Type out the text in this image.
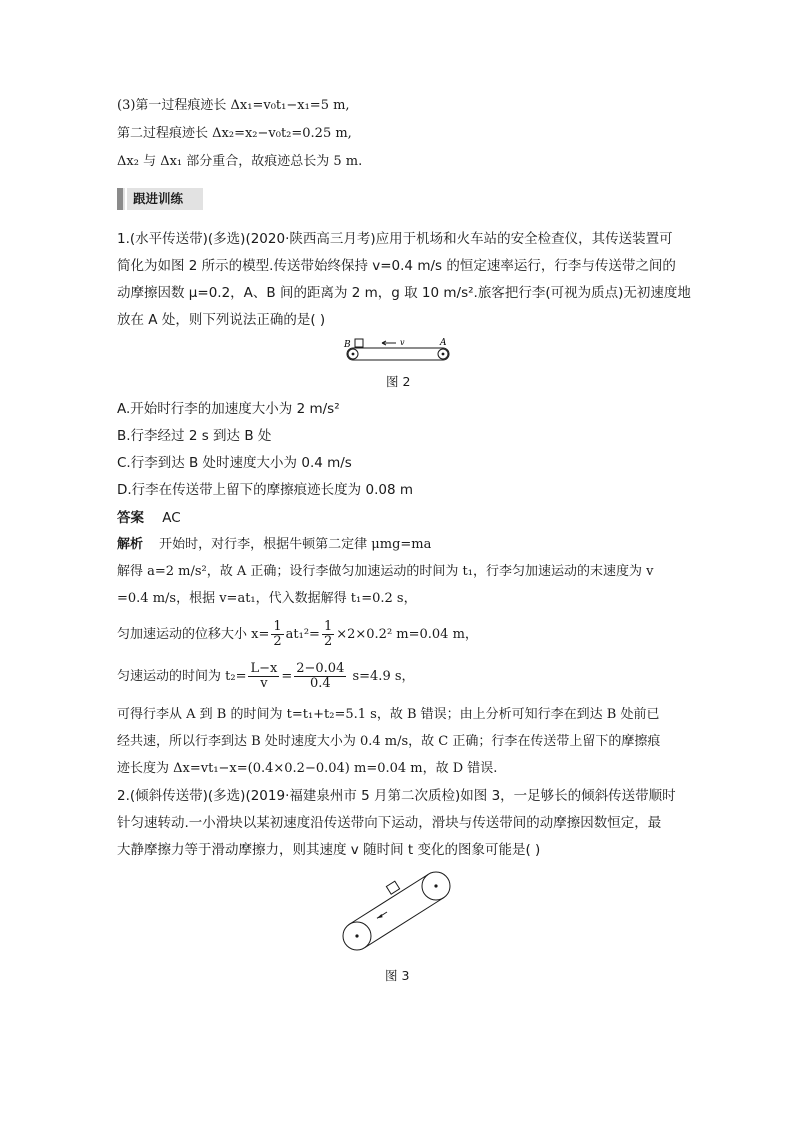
(3)第一过程痕迹长 Δx₁=v₀t₁−x₁=5 m,
第二过程痕迹长 Δx₂=x₂−v₀t₂=0.25 m,
Δx₂ 与 Δx₁ 部分重合，故痕迹总长为 5 m.
跟进训练
1.(水平传送带)(多选)(2020·陕西高三月考)应用于机场和火车站的安全检查仪，其传送装置可
简化为如图 2 所示的模型.传送带始终保持 v=0.4 m/s 的恒定速率运行，行李与传送带之间的
动摩擦因数 μ=0.2，A、B 间的距离为 2 m，g 取 10 m/s².旅客把行李(可视为质点)无初速度地
放在 A 处，则下列说法正确的是( )
B	A
v
图 2
A.开始时行李的加速度大小为 2 m/s²
B.行李经过 2 s 到达 B 处
C.行李到达 B 处时速度大小为 0.4 m/s
D.行李在传送带上留下的摩擦痕迹长度为 0.08 m
答案 AC
解析 开始时，对行李，根据牛顿第二定律 μmg=ma
解得 a=2 m/s²，故 A 正确；设行李做匀加速运动的时间为 t₁，行李匀加速运动的末速度为 v
=0.4 m/s，根据 v=at₁，代入数据解得 t₁=0.2 s，
匀加速运动的位移大小 $x= \frac{1}{2} at_1^2= \frac{1}{2} \times 2\times 0.2^2$ m=0.04 m，
匀速运动的时间为 $t_2= \frac{L-x}{v} = \frac{2-0.04}{0.4} s=4.9$ s，
可得行李从 A 到 B 的时间为 t=t₁+t₂=5.1 s，故 B 错误；由上分析可知行李在到达 B 处前已
经共速，所以行李到达 B 处时速度大小为 0.4 m/s，故 C 正确；行李在传送带上留下的摩擦痕
迹长度为 Δx=vt₁−x=(0.4×0.2−0.04) m=0.04 m，故 D 错误.
2.(倾斜传送带)(多选)(2019·福建泉州市 5 月第二次质检)如图 3，一足够长的倾斜传送带顺时
针匀速转动.一小滑块以某初速度沿传送带向下运动，滑块与传送带间的动摩擦因数恒定，最
大静摩擦力等于滑动摩擦力，则其速度 v 随时间 t 变化的图象可能是( )
图 3
